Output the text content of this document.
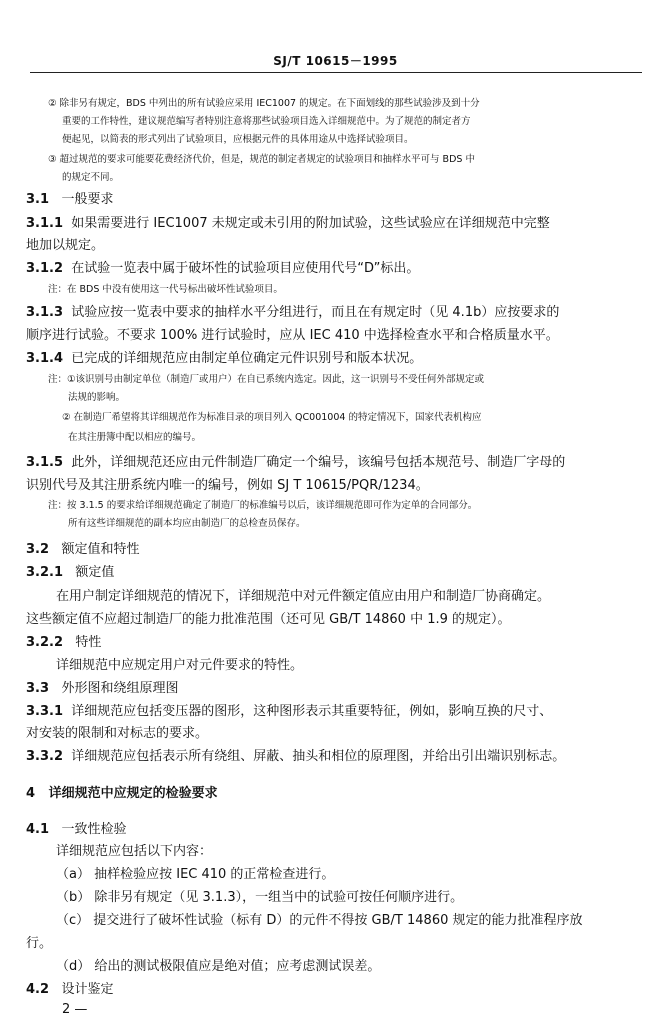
SJ/T 10615－1995
② 除非另有规定，BDS 中列出的所有试验应采用 IEC1007 的规定。在下面划线的那些试验涉及到十分
重要的工作特性，建议规范编写者特别注意将那些试验项目选入详细规范中。为了规范的制定者方
便起见，以简表的形式列出了试验项目，应根据元件的具体用途从中选择试验项目。
③ 超过规范的要求可能要花费经济代价，但是，规范的制定者规定的试验项目和抽样水平可与 BDS 中
的规定不同。
3.1 一般要求
3.1.1 如果需要进行 IEC1007 未规定或未引用的附加试验，这些试验应在详细规范中完整
地加以规定。
3.1.2 在试验一览表中属于破坏性的试验项目应使用代号“D”标出。
注：在 BDS 中没有使用这一代号标出破坏性试验项目。
3.1.3 试验应按一览表中要求的抽样水平分组进行，而且在有规定时（见 4.1b）应按要求的
顺序进行试验。不要求 100% 进行试验时，应从 IEC 410 中选择检查水平和合格质量水平。
3.1.4 已完成的详细规范应由制定单位确定元件识别号和版本状况。
注：①该识别号由制定单位（制造厂或用户）在自已系统内选定。因此，这一识别号不受任何外部规定或
法规的影响。
② 在制造厂希望将其详细规范作为标准目录的项目列入 QC001004 的特定情况下，国家代表机构应
在其注册簿中配以相应的编号。
3.1.5 此外，详细规范还应由元件制造厂确定一个编号，该编号包括本规范号、制造厂字母的
识别代号及其注册系统内唯一的编号，例如 SJ T 10615/PQR/1234。
注：按 3.1.5 的要求给详细规范确定了制造厂的标准编号以后，该详细规范即可作为定单的合同部分。
所有这些详细规范的副本均应由制造厂的总检查员保存。
3.2 额定值和特性
3.2.1 额定值
在用户制定详细规范的情况下，详细规范中对元件额定值应由用户和制造厂协商确定。
这些额定值不应超过制造厂的能力批准范围（还可见 GB/T 14860 中 1.9 的规定）。
3.2.2 特性
详细规范中应规定用户对元件要求的特性。
3.3 外形图和绕组原理图
3.3.1 详细规范应包括变压器的图形，这种图形表示其重要特征，例如，影响互换的尺寸、
对安装的限制和对标志的要求。
3.3.2 详细规范应包括表示所有绕组、屏蔽、抽头和相位的原理图，并给出引出端识别标志。
4 详细规范中应规定的检验要求
4.1 一致性检验
详细规范应包括以下内容：
（a） 抽样检验应按 IEC 410 的正常检查进行。
（b） 除非另有规定（见 3.1.3），一组当中的试验可按任何顺序进行。
（c） 提交进行了破坏性试验（标有 D）的元件不得按 GB/T 14860 规定的能力批准程序放
行。
（d） 给出的测试极限值应是绝对值；应考虑测试误差。
4.2 设计鉴定
2 —
